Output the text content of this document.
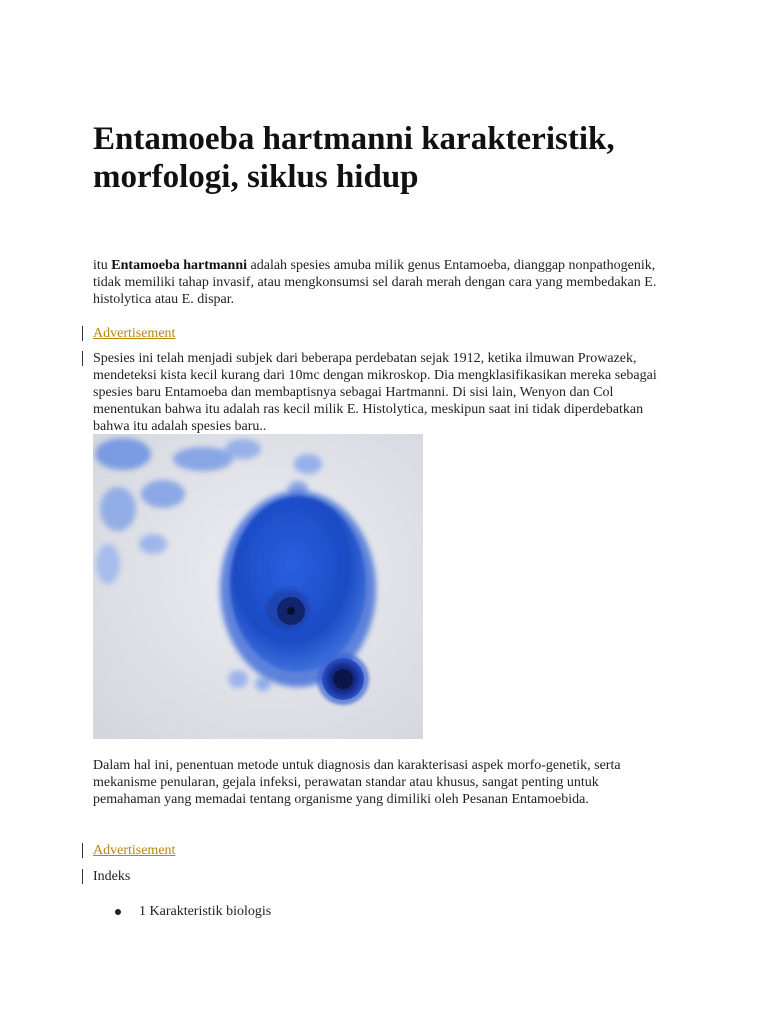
Entamoeba hartmanni karakteristik, morfologi, siklus hidup

itu Entamoeba hartmanni adalah spesies amuba milik genus Entamoeba, dianggap nonpathogenik, tidak memiliki tahap invasif, atau mengkonsumsi sel darah merah dengan cara yang membedakan E. histolytica atau E. dispar.

Advertisement

Spesies ini telah menjadi subjek dari beberapa perdebatan sejak 1912, ketika ilmuwan Prowazek, mendeteksi kista kecil kurang dari 10mc dengan mikroskop. Dia mengklasifikasikan mereka sebagai spesies baru Entamoeba dan membaptisnya sebagai Hartmanni. Di sisi lain, Wenyon dan Col menentukan bahwa itu adalah ras kecil milik E. Histolytica, meskipun saat ini tidak diperdebatkan bahwa itu adalah spesies baru..

Dalam hal ini, penentuan metode untuk diagnosis dan karakterisasi aspek morfo-genetik, serta mekanisme penularan, gejala infeksi, perawatan standar atau khusus, sangat penting untuk pemahaman yang memadai tentang organisme yang dimiliki oleh Pesanan Entamoebida.

Advertisement
Indeks
1 Karakteristik biologis
